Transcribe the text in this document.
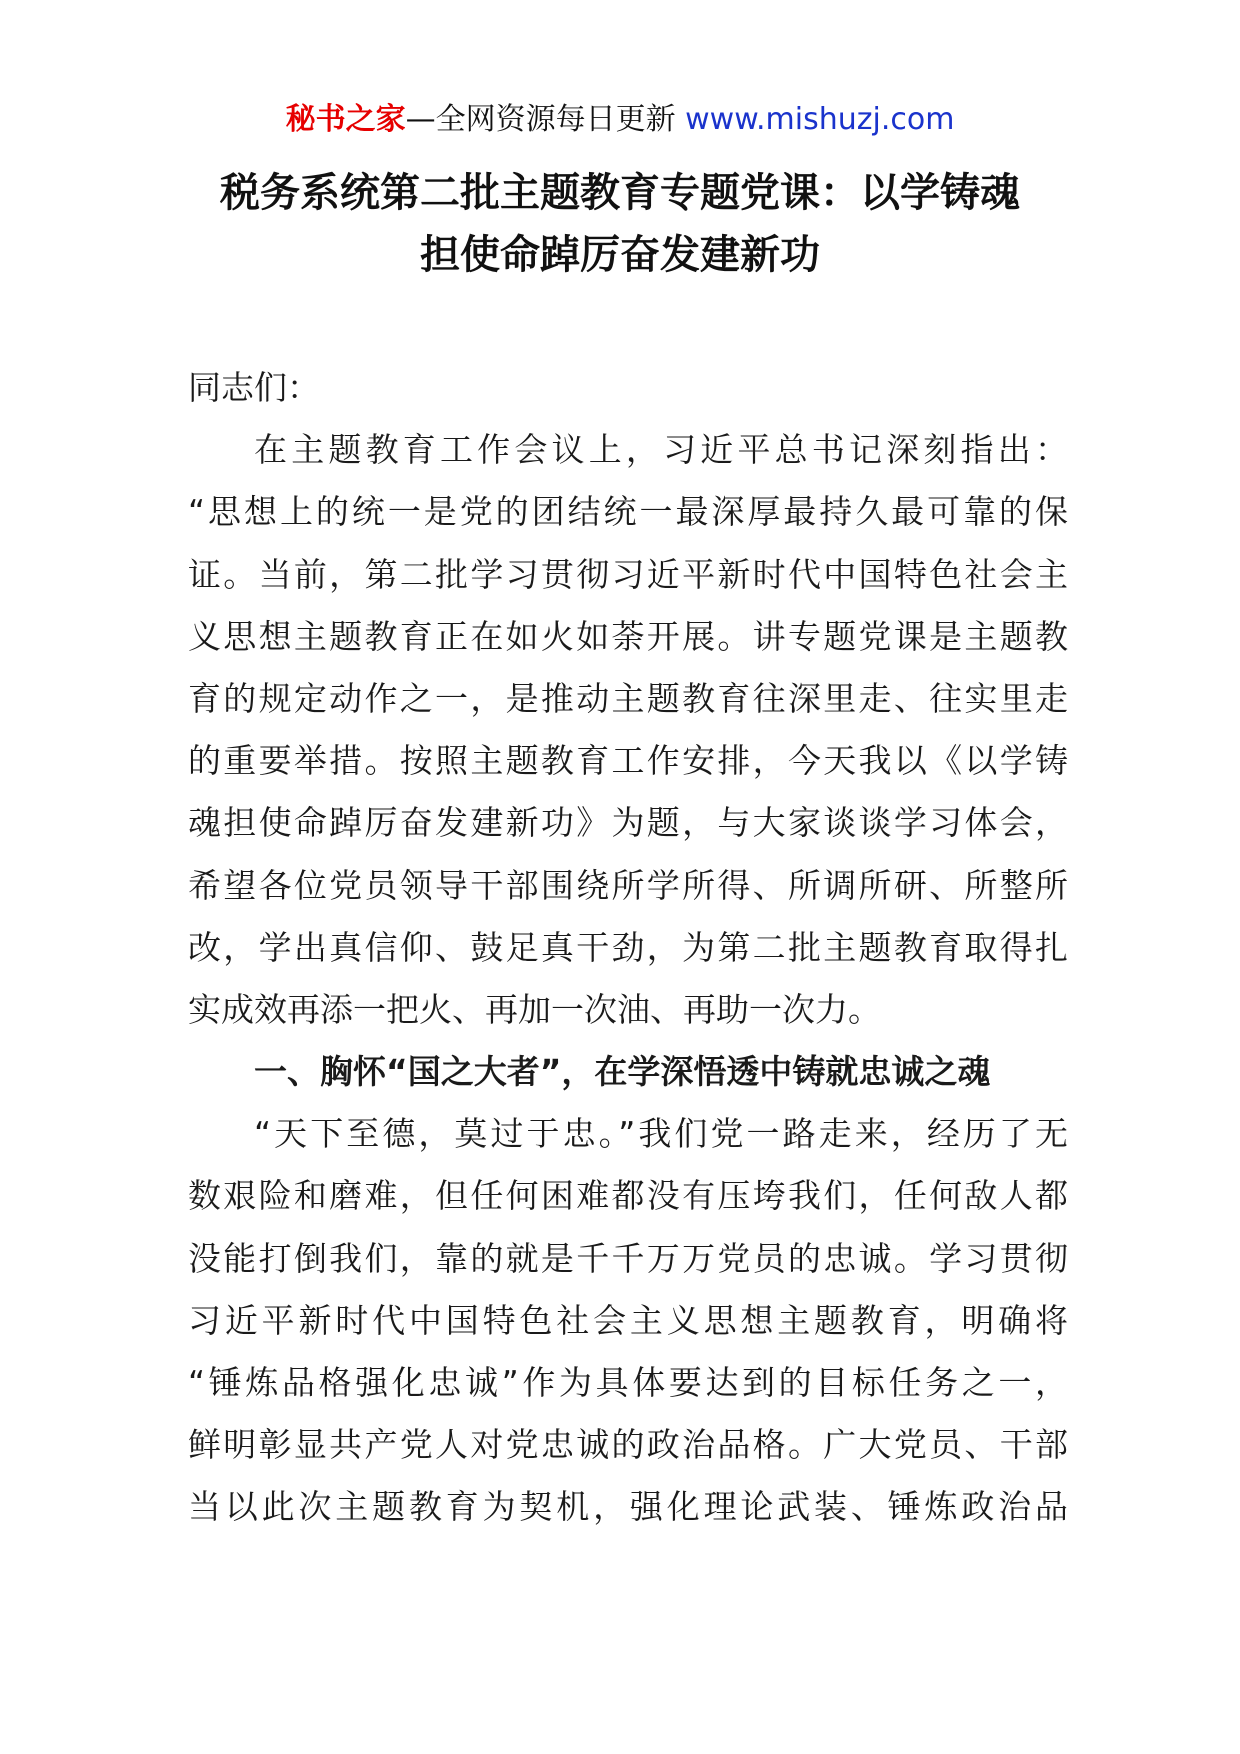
秘书之家—全网资源每日更新 www.mishuzj.com
税务系统第二批主题教育专题党课：以学铸魂
担使命踔厉奋发建新功
同志们：
在主题教育工作会议上，习近平总书记深刻指出：
“思想上的统一是党的团结统一最深厚最持久最可靠的保
证。当前，第二批学习贯彻习近平新时代中国特色社会主
义思想主题教育正在如火如荼开展。讲专题党课是主题教
育的规定动作之一，是推动主题教育往深里走、往实里走
的重要举措。按照主题教育工作安排，今天我以《以学铸
魂担使命踔厉奋发建新功》为题，与大家谈谈学习体会，
希望各位党员领导干部围绕所学所得、所调所研、所整所
改，学出真信仰、鼓足真干劲，为第二批主题教育取得扎
实成效再添一把火、再加一次油、再助一次力。
一、胸怀“国之大者”，在学深悟透中铸就忠诚之魂
“天下至德，莫过于忠。”我们党一路走来，经历了无
数艰险和磨难，但任何困难都没有压垮我们，任何敌人都
没能打倒我们，靠的就是千千万万党员的忠诚。学习贯彻
习近平新时代中国特色社会主义思想主题教育，明确将
“锤炼品格强化忠诚”作为具体要达到的目标任务之一，
鲜明彰显共产党人对党忠诚的政治品格。广大党员、干部
当以此次主题教育为契机，强化理论武装、锤炼政治品
